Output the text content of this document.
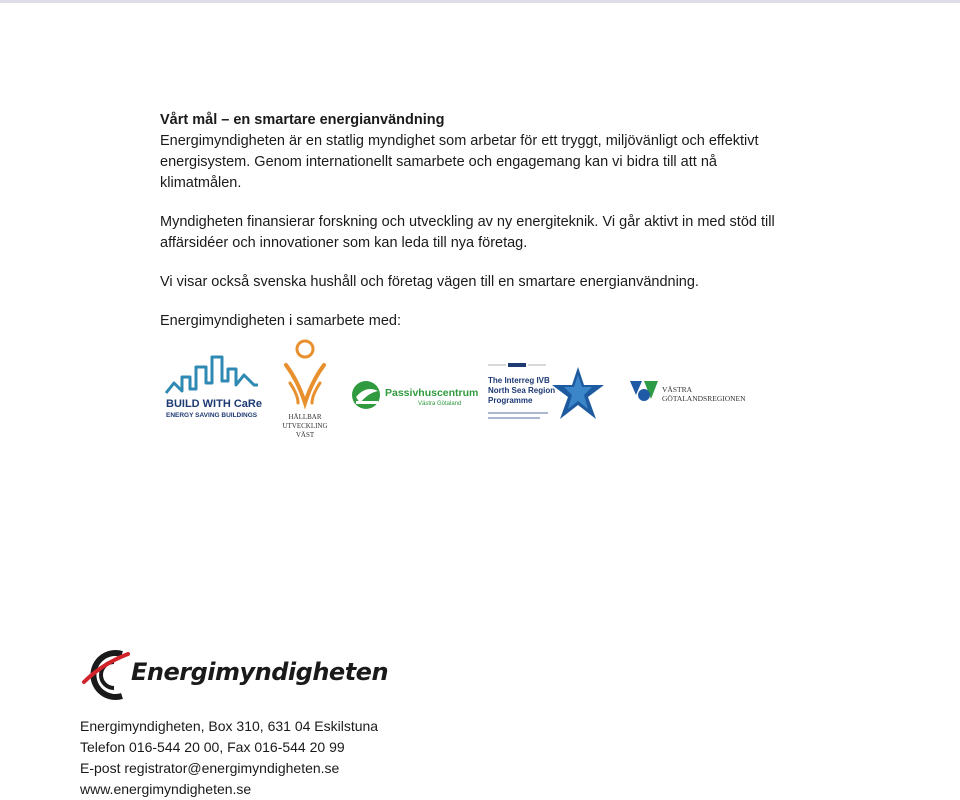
Vårt mål – en smartare energianvändning

Energimyndigheten är en statlig myndighet som arbetar för ett tryggt, miljövänligt och effektivt energisystem. Genom internationellt samarbete och engagemang kan vi bidra till att nå klimatmålen.

Myndigheten finansierar forskning och utveckling av ny energiteknik. Vi går aktivt in med stöd till affärsidéer och innovationer som kan leda till nya företag.

Vi visar också svenska hushåll och företag vägen till en smartare energianvändning.

Energimyndigheten i samarbete med:

BUILD WITH CaRe
ENERGY SAVING BUILDINGS	HÅLLBAR
UTVECKLING
VÄST
Passivhuscentrum
Västra Götaland
The Interreg IVB
North Sea Region
Programme
VÄSTRA
GÖTALANDSREGIONEN
Energimyndigheten

Energimyndigheten, Box 310, 631 04 Eskilstuna

Telefon 016-544 20 00, Fax 016-544 20 99

E-post registrator@energimyndigheten.se

www.energimyndigheten.se
